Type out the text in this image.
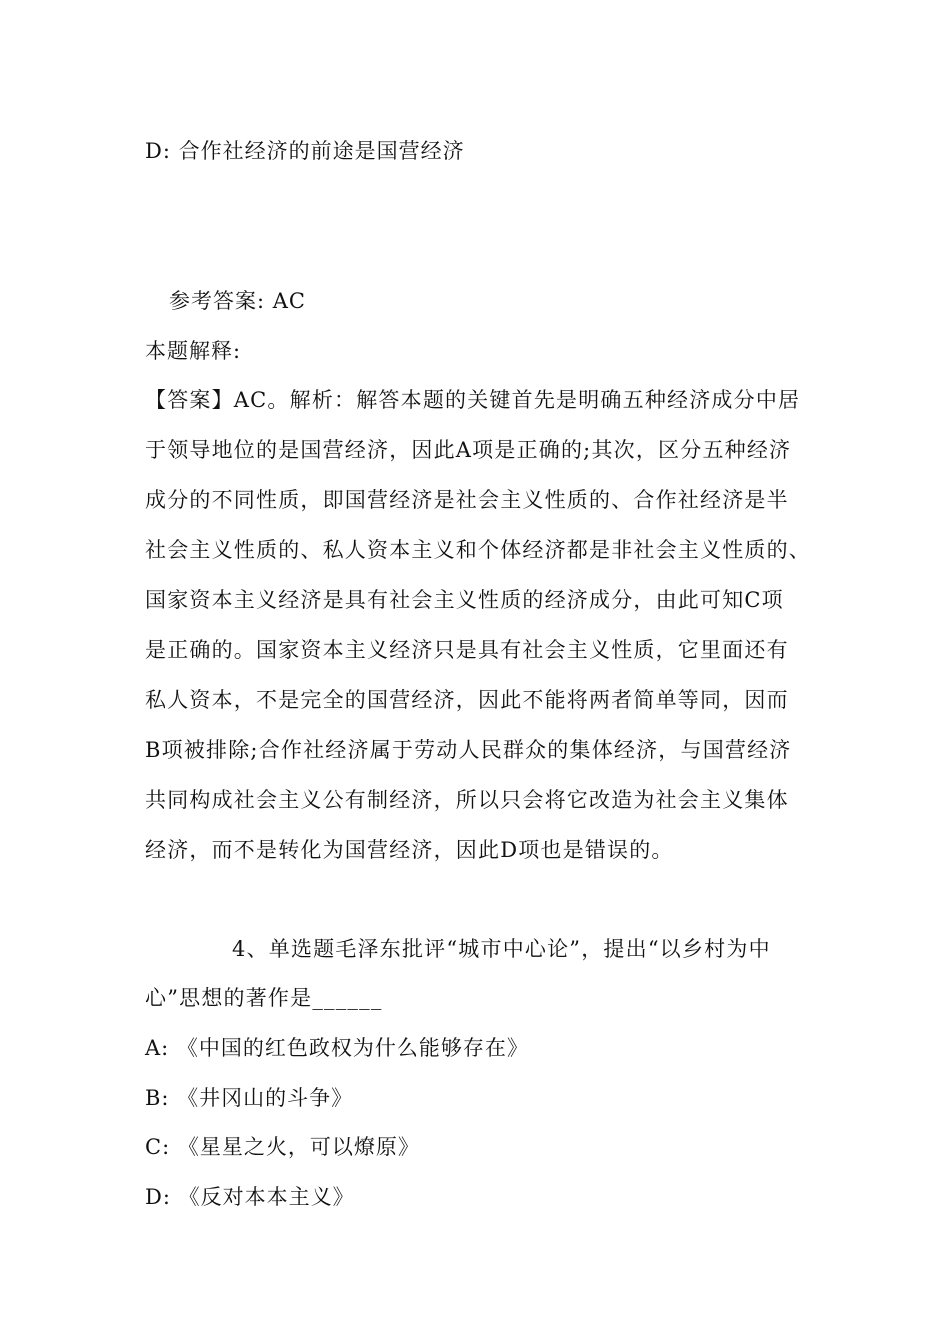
D: 合作社经济的前途是国营经济
参考答案: AC
本题解释:
【答案】AC。解析：解答本题的关键首先是明确五种经济成分中居
于领导地位的是国营经济，因此A项是正确的;其次，区分五种经济
成分的不同性质，即国营经济是社会主义性质的、合作社经济是半
社会主义性质的、私人资本主义和个体经济都是非社会主义性质的、
国家资本主义经济是具有社会主义性质的经济成分，由此可知C项
是正确的。国家资本主义经济只是具有社会主义性质，它里面还有
私人资本，不是完全的国营经济，因此不能将两者简单等同，因而
B项被排除;合作社经济属于劳动人民群众的集体经济，与国营经济
共同构成社会主义公有制经济，所以只会将它改造为社会主义集体
经济，而不是转化为国营经济，因此D项也是错误的。
4、单选题毛泽东批评“城市中心论”，提出“以乡村为中
心”思想的著作是______
A: 《中国的红色政权为什么能够存在》
B: 《井冈山的斗争》
C: 《星星之火，可以燎原》
D: 《反对本本主义》
